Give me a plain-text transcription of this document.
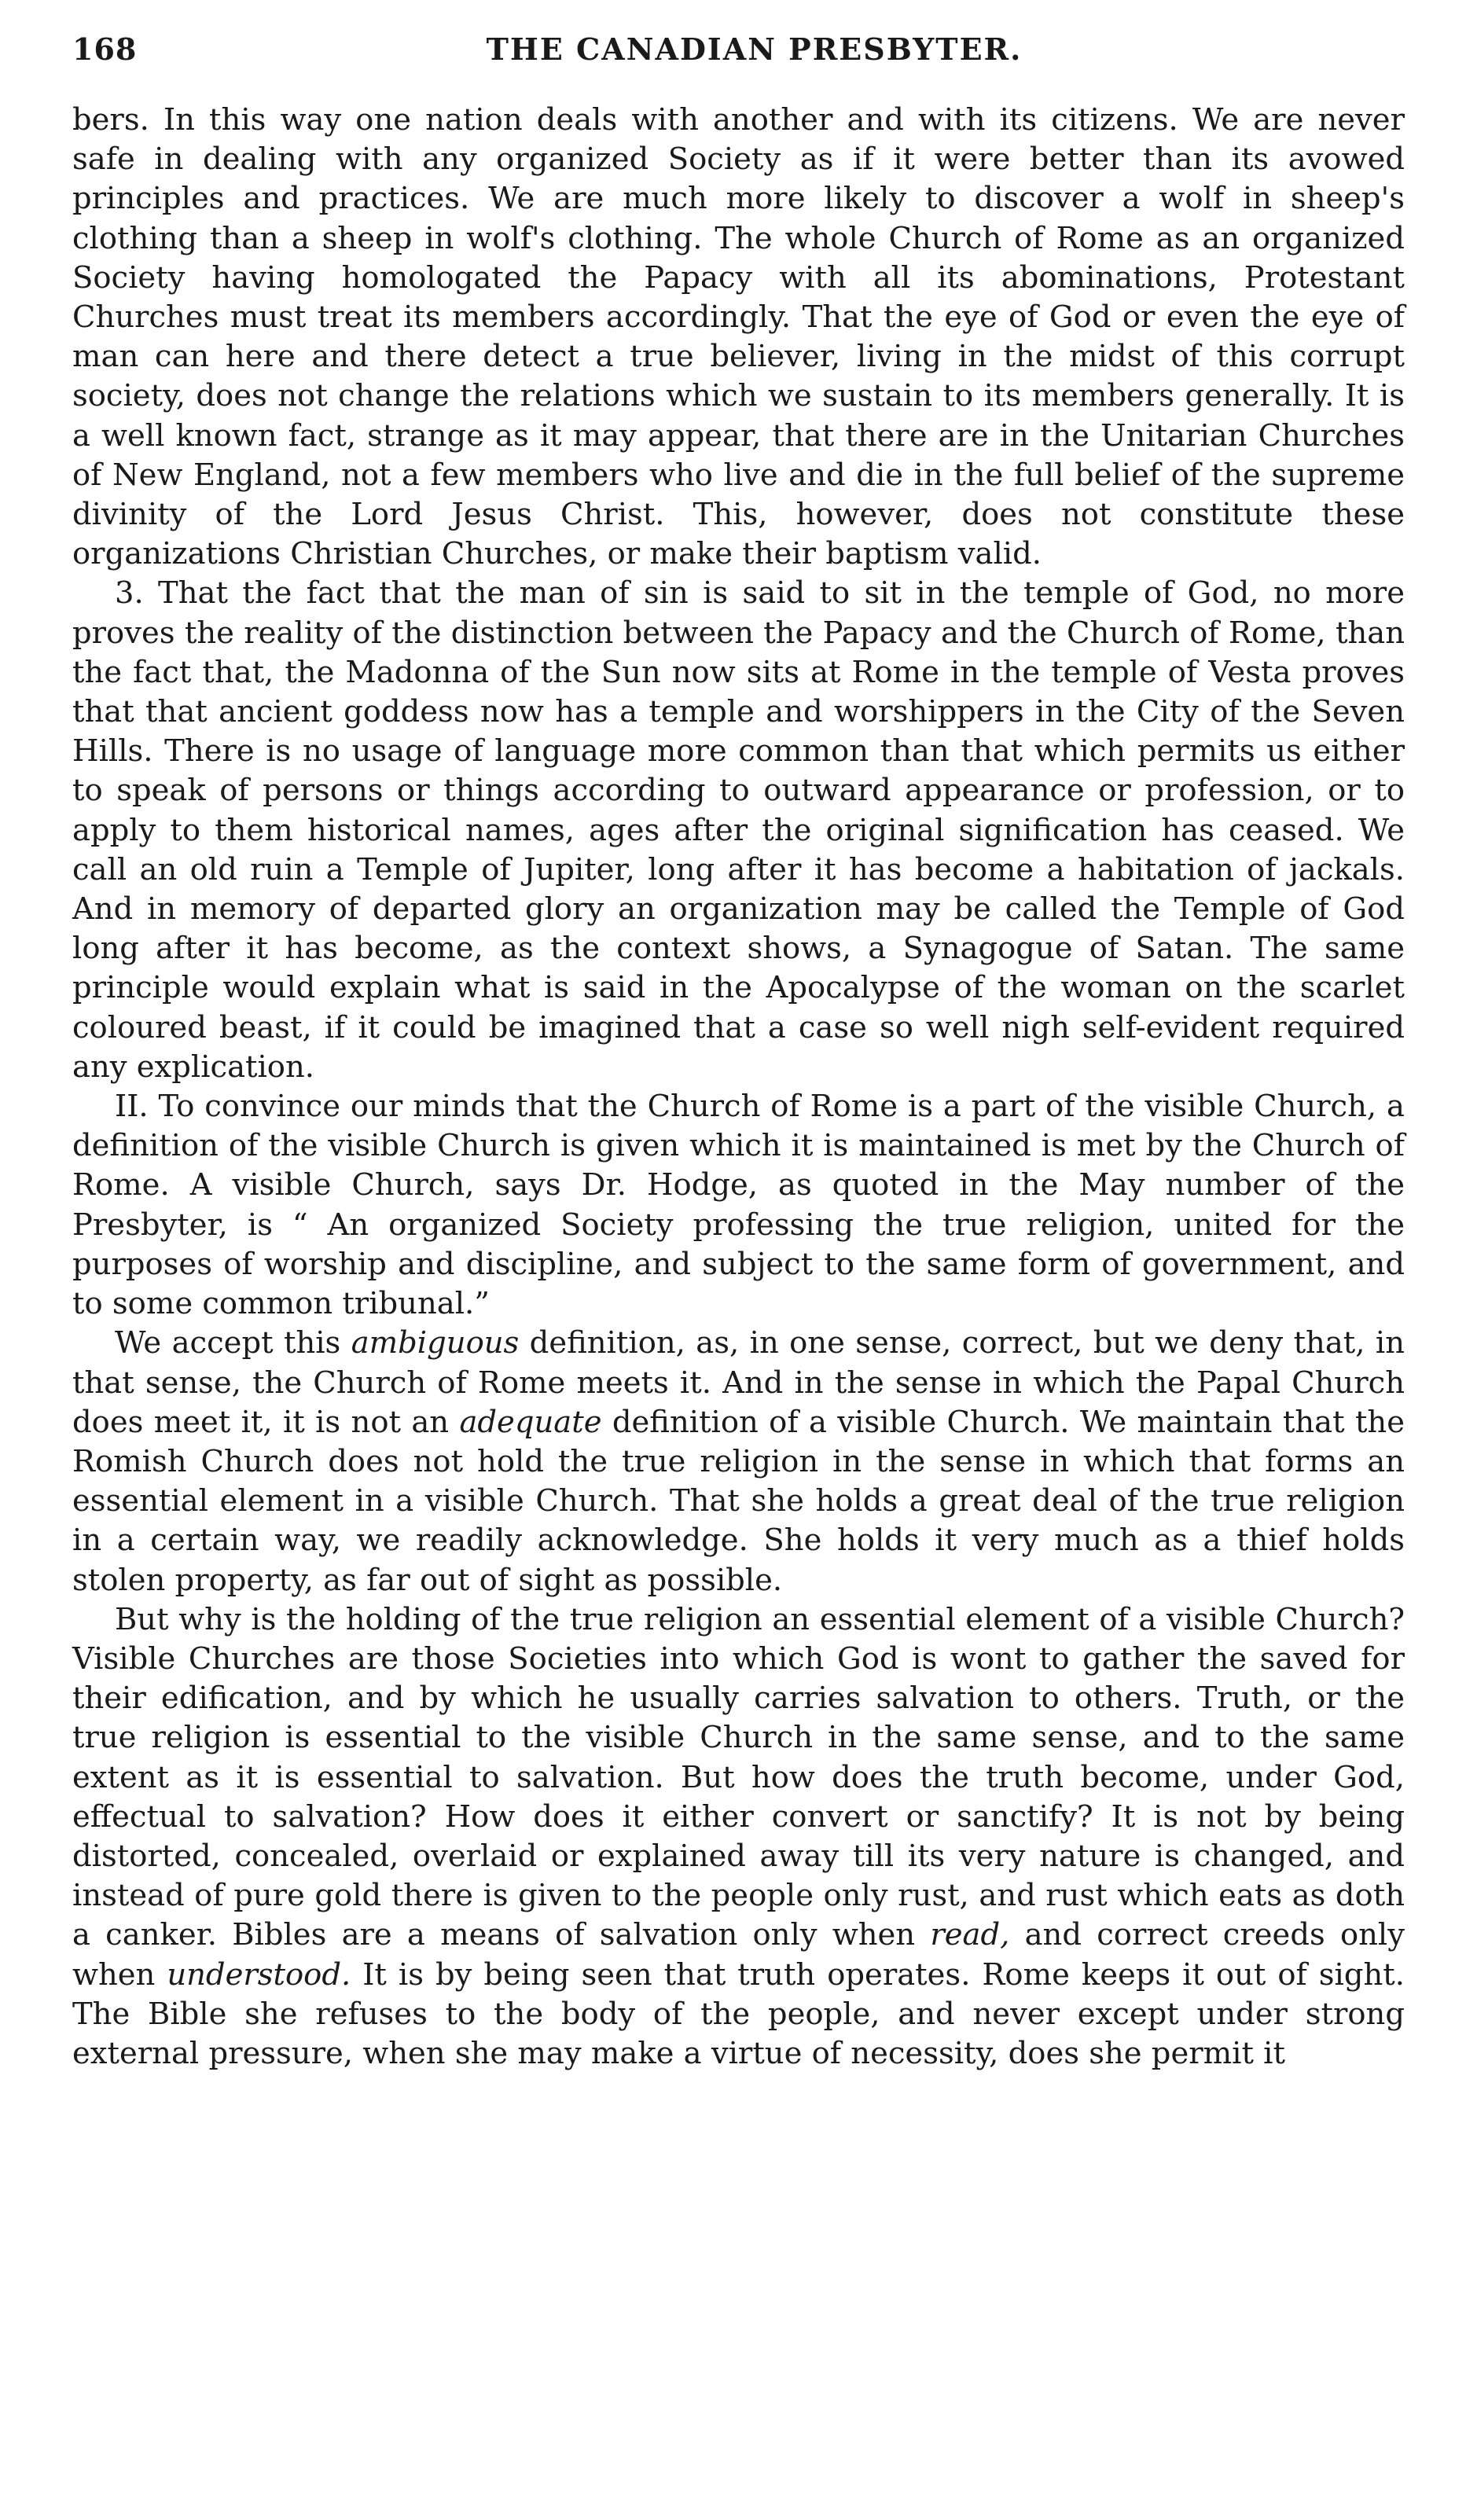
168	THE CANADIAN PRESBYTER.

bers. In this way one nation deals with another and with its citizens. We are never safe in dealing with any organized Society as if it were better than its avowed principles and practices. We are much more likely to discover a wolf in sheep's clothing than a sheep in wolf's clothing. The whole Church of Rome as an organized Society having homologated the Papacy with all its abominations, Protestant Churches must treat its members accordingly. That the eye of God or even the eye of man can here and there detect a true believer, living in the midst of this corrupt society, does not change the relations which we sustain to its members generally. It is a well known fact, strange as it may appear, that there are in the Unitarian Churches of New England, not a few members who live and die in the full belief of the supreme divinity of the Lord Jesus Christ. This, however, does not constitute these organizations Christian Churches, or make their baptism valid.

3. That the fact that the man of sin is said to sit in the temple of God, no more proves the reality of the distinction between the Papacy and the Church of Rome, than the fact that, the Madonna of the Sun now sits at Rome in the temple of Vesta proves that that ancient goddess now has a temple and worshippers in the City of the Seven Hills. There is no usage of language more common than that which permits us either to speak of persons or things according to outward appearance or profession, or to apply to them historical names, ages after the original signification has ceased. We call an old ruin a Temple of Jupiter, long after it has become a habitation of jackals. And in memory of departed glory an organization may be called the Temple of God long after it has become, as the context shows, a Synagogue of Satan. The same principle would explain what is said in the Apocalypse of the woman on the scarlet coloured beast, if it could be imagined that a case so well nigh self-evident required any explication.

II. To convince our minds that the Church of Rome is a part of the visible Church, a definition of the visible Church is given which it is maintained is met by the Church of Rome. A visible Church, says Dr. Hodge, as quoted in the May number of the Presbyter, is “ An organized Society professing the true religion, united for the purposes of worship and discipline, and subject to the same form of government, and to some common tribunal.”

We accept this ambiguous definition, as, in one sense, correct, but we deny that, in that sense, the Church of Rome meets it. And in the sense in which the Papal Church does meet it, it is not an adequate definition of a visible Church. We maintain that the Romish Church does not hold the true religion in the sense in which that forms an essential element in a visible Church. That she holds a great deal of the true religion in a certain way, we readily acknowledge. She holds it very much as a thief holds stolen property, as far out of sight as possible.

But why is the holding of the true religion an essential element of a visible Church? Visible Churches are those Societies into which God is wont to gather the saved for their edification, and by which he usually carries salvation to others. Truth, or the true religion is essential to the visible Church in the same sense, and to the same extent as it is essential to salvation. But how does the truth become, under God, effectual to salvation? How does it either convert or sanctify? It is not by being distorted, concealed, overlaid or explained away till its very nature is changed, and instead of pure gold there is given to the people only rust, and rust which eats as doth a canker. Bibles are a means of salvation only when read, and correct creeds only when understood. It is by being seen that truth operates. Rome keeps it out of sight. The Bible she refuses to the body of the people, and never except under strong external pressure, when she may make a virtue of necessity, does she permit it
